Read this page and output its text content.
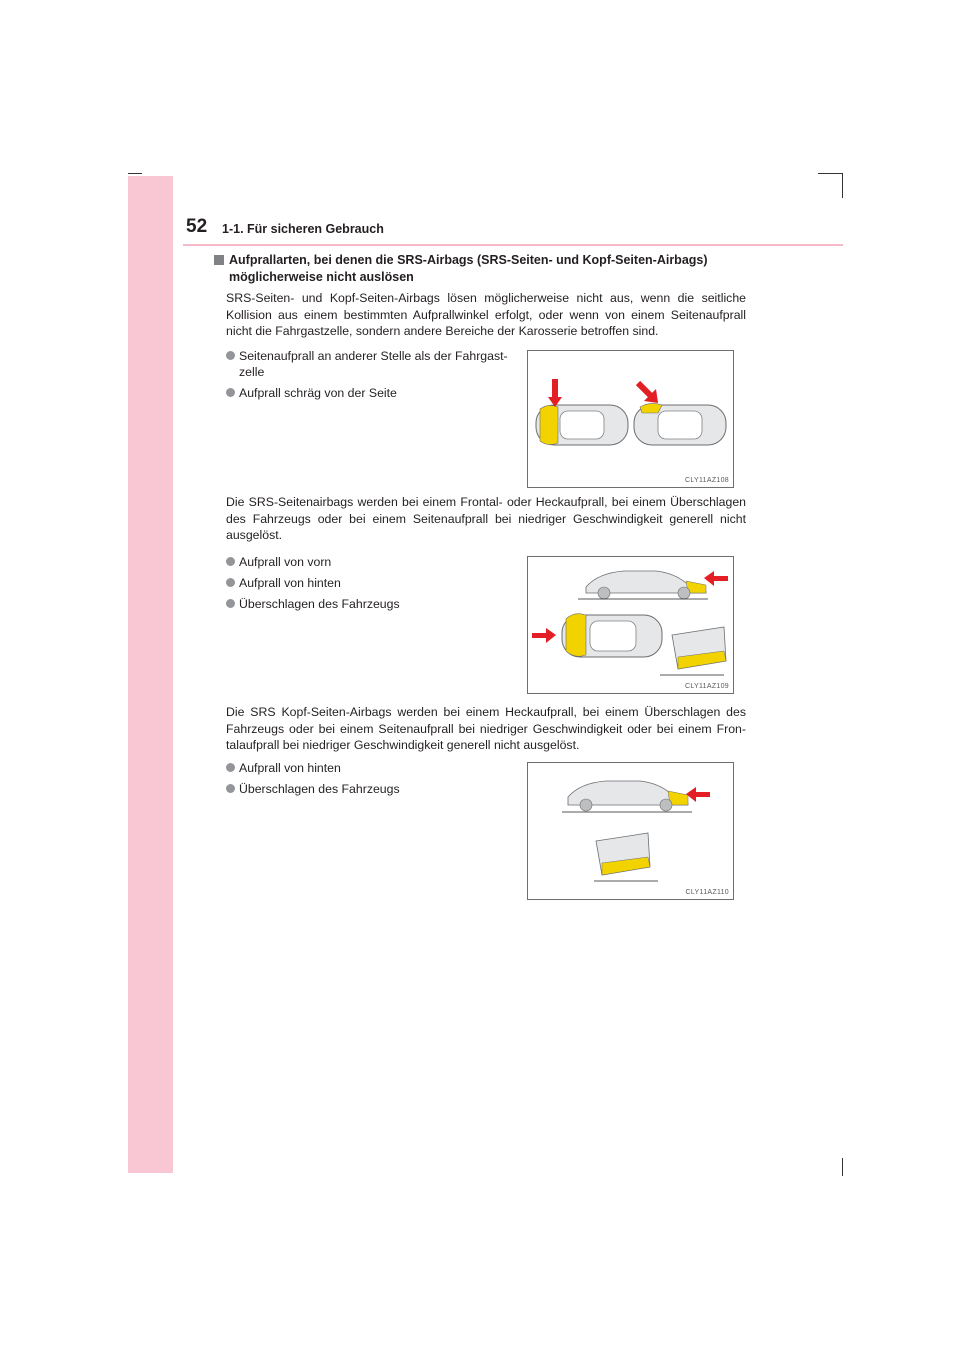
52 1-1. Für sicheren Gebrauch
Aufprallarten, bei denen die SRS-Airbags (SRS-Seiten- und Kopf-Seiten-Airbags) möglicherweise nicht auslösen

SRS-Seiten- und Kopf-Seiten-Airbags lösen möglicherweise nicht aus, wenn die seitliche Kollision aus einem bestimmten Aufprallwinkel erfolgt, oder wenn von einem Seitenaufprall nicht die Fahrgastzelle, sondern andere Bereiche der Karosserie betroffen sind.

Seitenaufprall an anderer Stelle als der Fahrgastzelle
Aufprall schräg von der Seite
CLY11AZ108

Die SRS-Seitenairbags werden bei einem Frontal- oder Heckaufprall, bei einem Überschlagen des Fahrzeugs oder bei einem Seitenaufprall bei niedriger Geschwindigkeit generell nicht ausgelöst.

Aufprall von vorn
Aufprall von hinten
Überschlagen des Fahrzeugs
CLY11AZ109

Die SRS Kopf-Seiten-Airbags werden bei einem Heckaufprall, bei einem Überschlagen des Fahrzeugs oder bei einem Seitenaufprall bei niedriger Geschwindigkeit oder bei einem Frontalaufprall bei niedriger Geschwindigkeit generell nicht ausgelöst.

Aufprall von hinten
Überschlagen des Fahrzeugs
CLY11AZ110
